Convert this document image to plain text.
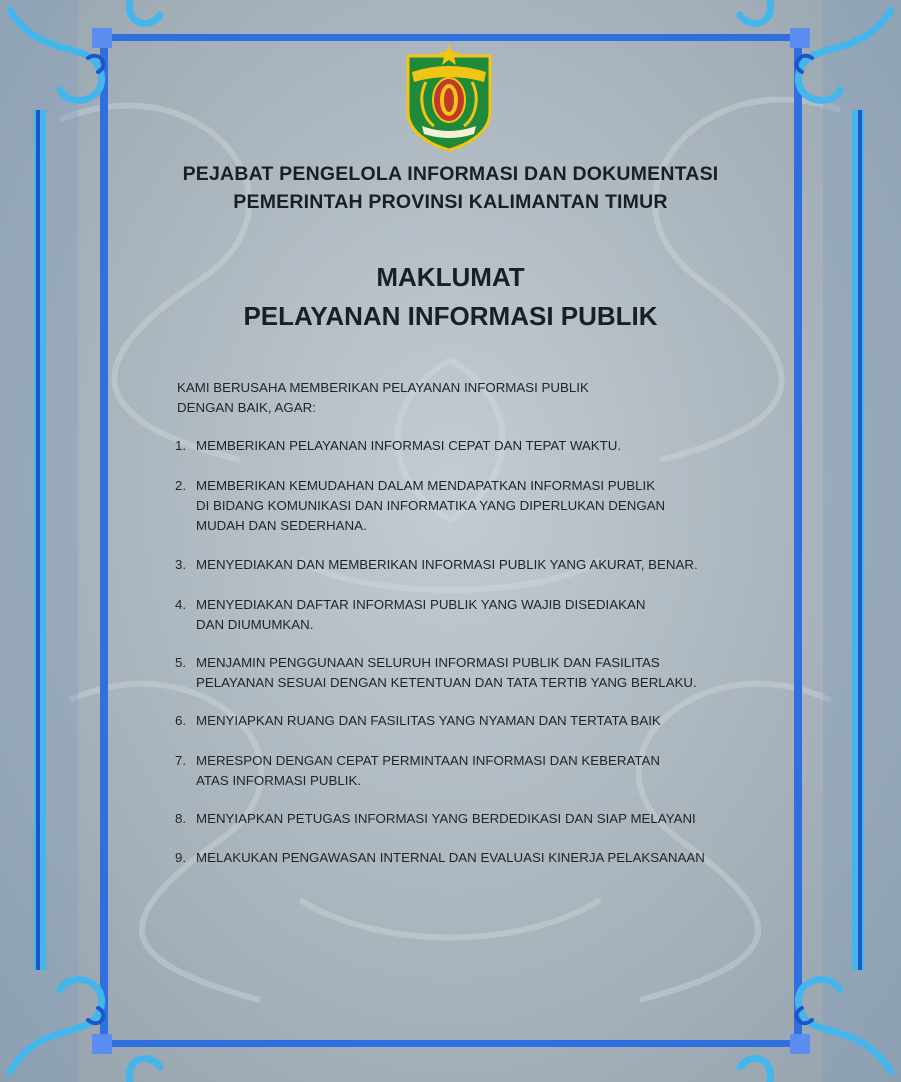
PEJABAT PENGELOLA INFORMASI DAN DOKUMENTASI
PEMERINTAH PROVINSI KALIMANTAN TIMUR
MAKLUMAT
PELAYANAN INFORMASI PUBLIK
KAMI BERUSAHA MEMBERIKAN PELAYANAN INFORMASI PUBLIK
DENGAN BAIK, AGAR:
1. MEMBERIKAN PELAYANAN INFORMASI CEPAT DAN TEPAT WAKTU.
2. MEMBERIKAN KEMUDAHAN DALAM MENDAPATKAN INFORMASI PUBLIK
DI BIDANG KOMUNIKASI DAN INFORMATIKA YANG DIPERLUKAN DENGAN
MUDAH DAN SEDERHANA.
3. MENYEDIAKAN DAN MEMBERIKAN INFORMASI PUBLIK YANG AKURAT, BENAR.
4. MENYEDIAKAN DAFTAR INFORMASI PUBLIK YANG WAJIB DISEDIAKAN
DAN DIUMUMKAN.
5. MENJAMIN PENGGUNAAN SELURUH INFORMASI PUBLIK DAN FASILITAS
PELAYANAN SESUAI DENGAN KETENTUAN DAN TATA TERTIB YANG BERLAKU.
6. MENYIAPKAN RUANG DAN FASILITAS YANG NYAMAN DAN TERTATA BAIK
7. MERESPON DENGAN CEPAT PERMINTAAN INFORMASI DAN KEBERATAN
ATAS INFORMASI PUBLIK.
8. MENYIAPKAN PETUGAS INFORMASI YANG BERDEDIKASI DAN SIAP MELAYANI
9. MELAKUKAN PENGAWASAN INTERNAL DAN EVALUASI KINERJA PELAKSANAAN
